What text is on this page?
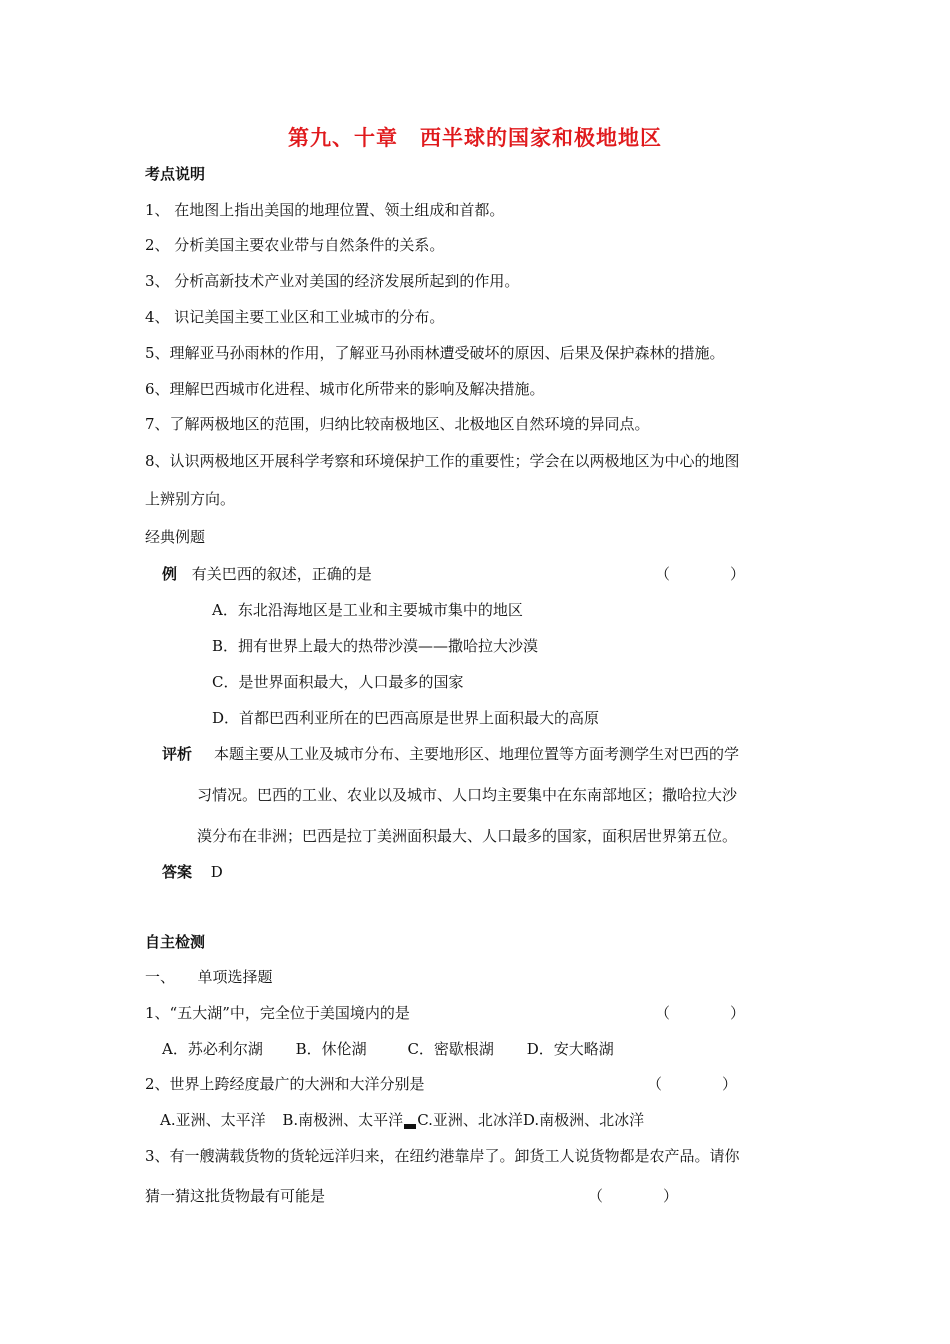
第九、十章　西半球的国家和极地地区
考点说明
1、 在地图上指出美国的地理位置、领土组成和首都。
2、 分析美国主要农业带与自然条件的关系。
3、 分析高新技术产业对美国的经济发展所起到的作用。
4、 识记美国主要工业区和工业城市的分布。
5、理解亚马孙雨林的作用，了解亚马孙雨林遭受破坏的原因、后果及保护森林的措施。
6、理解巴西城市化进程、城市化所带来的影响及解决措施。
7、了解两极地区的范围，归纳比较南极地区、北极地区自然环境的异同点。
8、认识两极地区开展科学考察和环境保护工作的重要性；学会在以两极地区为中心的地图
上辨别方向。
经典例题
例 有关巴西的叙述，正确的是	（　　　　）
A．东北沿海地区是工业和主要城市集中的地区
B．拥有世界上最大的热带沙漠——撒哈拉大沙漠
C．是世界面积最大，人口最多的国家
D．首都巴西利亚所在的巴西高原是世界上面积最大的高原
评析 本题主要从工业及城市分布、主要地形区、地理位置等方面考测学生对巴西的学
习情况。巴西的工业、农业以及城市、人口均主要集中在东南部地区；撒哈拉大沙
漠分布在非洲；巴西是拉丁美洲面积最大、人口最多的国家，面积居世界第五位。
答案 D
自主检测
一、　　单项选择题
1、“五大湖”中，完全位于美国境内的是	（　　　　）
A．苏必利尔湖 B．休伦湖	C．密歇根湖 D．安大略湖
2、世界上跨经度最广的大洲和大洋分别是	（　　　　）
A.亚洲、太平洋 B.南极洲、太平洋 C.亚洲、北冰洋D.南极洲、北冰洋
3、有一艘满载货物的货轮远洋归来，在纽约港靠岸了。卸货工人说货物都是农产品。请你
猜一猜这批货物最有可能是	（　　　　）
